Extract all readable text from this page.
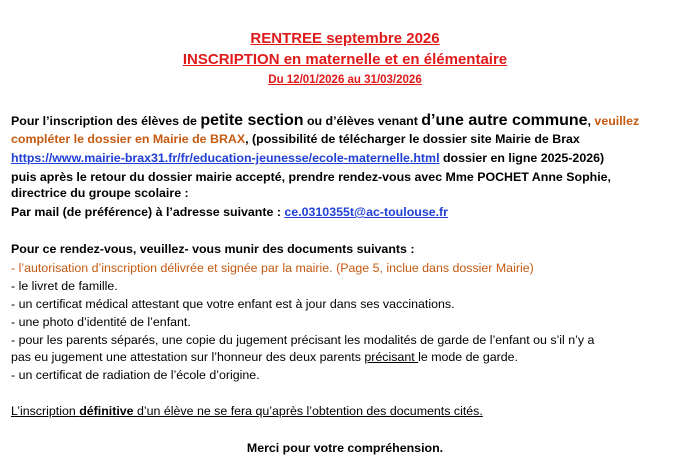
RENTREE septembre 2026
INSCRIPTION en maternelle et en élémentaire
Du 12/01/2026 au 31/03/2026
Pour l’inscription des élèves de petite section ou d’élèves venant d’une autre commune, veuillez
compléter le dossier en Mairie de BRAX, (possibilité de télécharger le dossier site Mairie de Brax
https://www.mairie-brax31.fr/fr/education-jeunesse/ecole-maternelle.html dossier en ligne 2025-2026)
puis après le retour du dossier mairie accepté, prendre rendez-vous avec Mme POCHET Anne Sophie,
directrice du groupe scolaire :
Par mail (de préférence) à l’adresse suivante : ce.0310355t@ac-toulouse.fr
Pour ce rendez-vous, veuillez- vous munir des documents suivants :
- l’autorisation d’inscription délivrée et signée par la mairie. (Page 5, inclue dans dossier Mairie)
- le livret de famille.
- un certificat médical attestant que votre enfant est à jour dans ses vaccinations.
- une photo d’identité de l’enfant.
- pour les parents séparés, une copie du jugement précisant les modalités de garde de l’enfant ou s’il n’y a
pas eu jugement une attestation sur l’honneur des deux parents précisant le mode de garde.
- un certificat de radiation de l’école d’origine.
L’inscription définitive d’un élève ne se fera qu’après l’obtention des documents cités.
Merci pour votre compréhension.
